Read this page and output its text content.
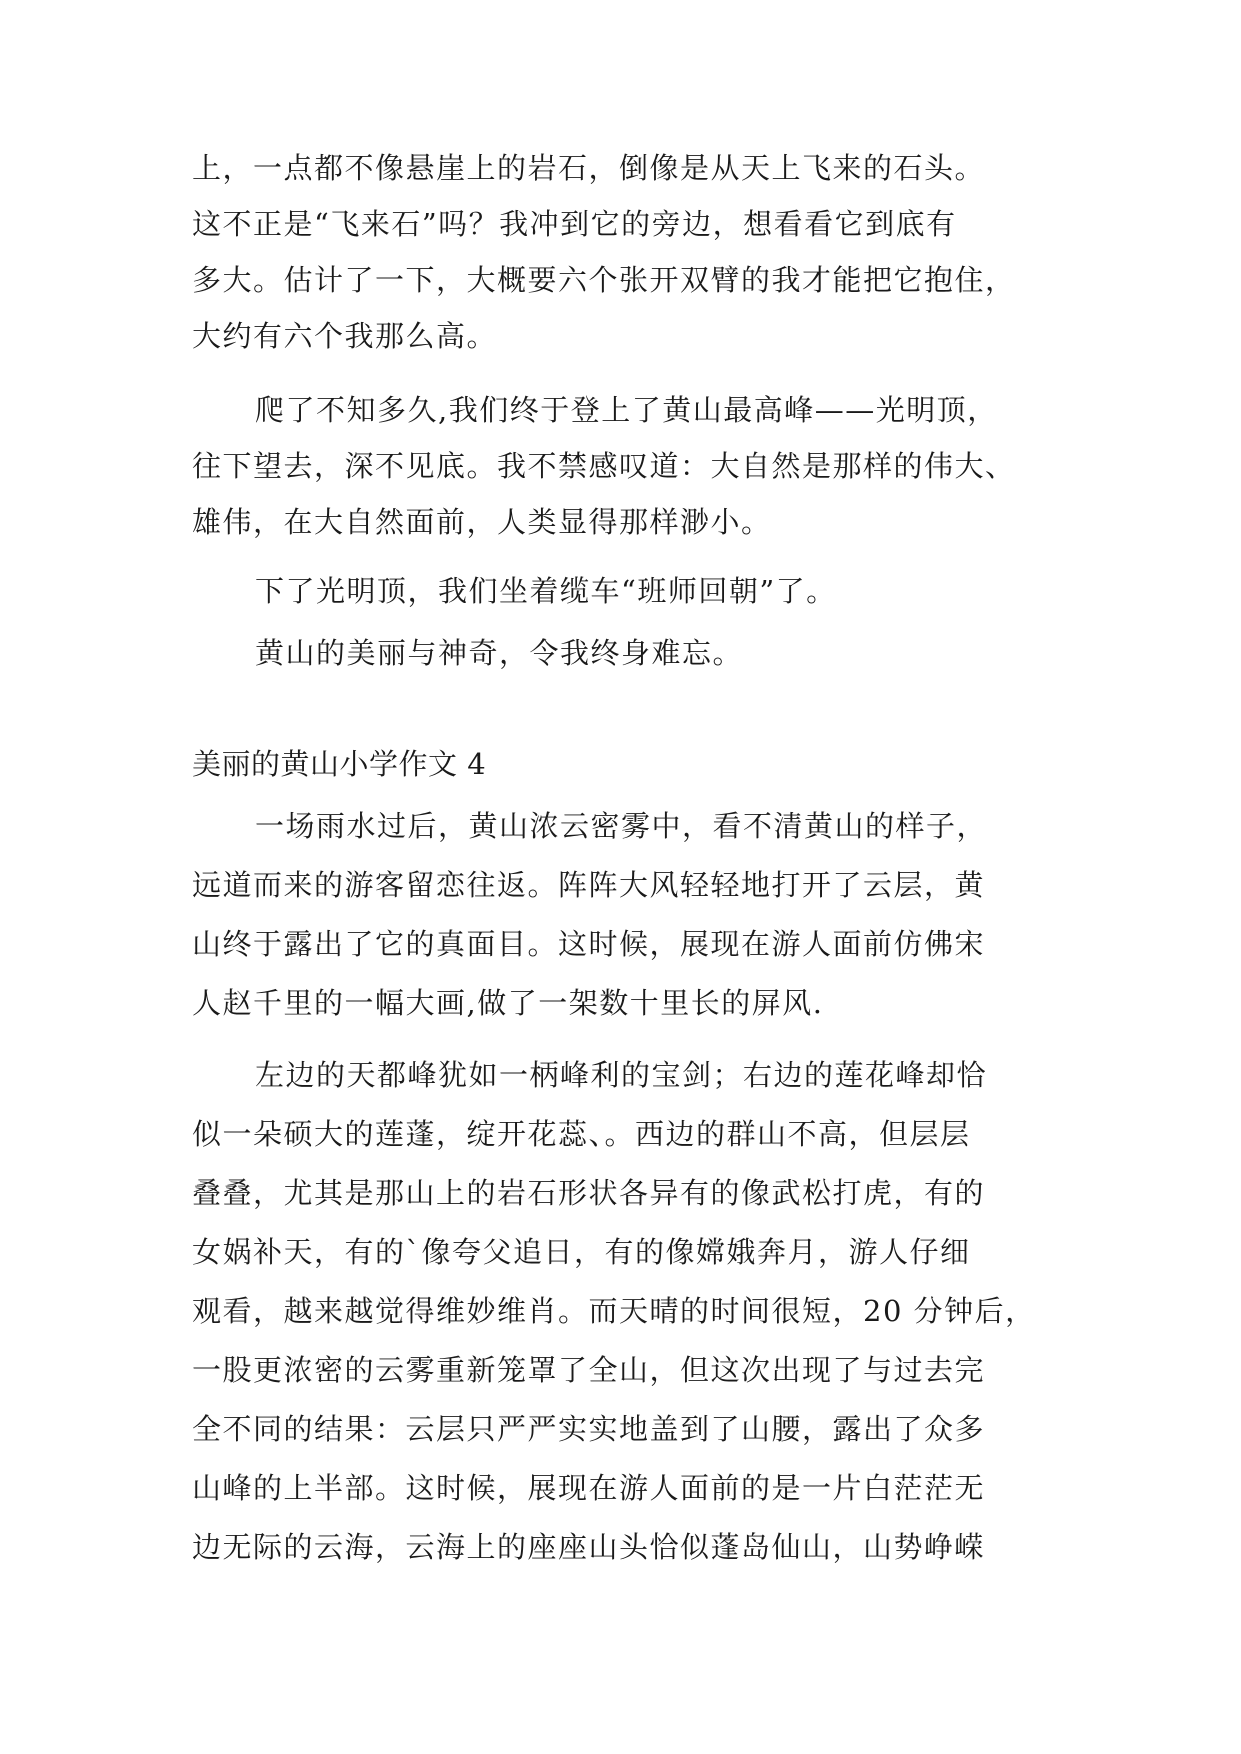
上，一点都不像悬崖上的岩石，倒像是从天上飞来的石头。
这不正是“飞来石”吗？我冲到它的旁边，想看看它到底有
多大。估计了一下，大概要六个张开双臂的我才能把它抱住，
大约有六个我那么高。
爬了不知多久,我们终于登上了黄山最高峰——光明顶，
往下望去，深不见底。我不禁感叹道：大自然是那样的伟大、
雄伟，在大自然面前，人类显得那样渺小。
下了光明顶，我们坐着缆车“班师回朝”了。
黄山的美丽与神奇，令我终身难忘。
美丽的黄山小学作文 4
一场雨水过后，黄山浓云密雾中，看不清黄山的样子，
远道而来的游客留恋往返。阵阵大风轻轻地打开了云层，黄
山终于露出了它的真面目。这时候，展现在游人面前仿佛宋
人赵千里的一幅大画,做了一架数十里长的屏风.
左边的天都峰犹如一柄峰利的宝剑；右边的莲花峰却恰
似一朵硕大的莲蓬，绽开花蕊、。西边的群山不高，但层层
叠叠，尤其是那山上的岩石形状各异有的像武松打虎，有的
女娲补天，有的`像夸父追日，有的像嫦娥奔月，游人仔细
观看，越来越觉得维妙维肖。而天晴的时间很短，20 分钟后，
一股更浓密的云雾重新笼罩了全山，但这次出现了与过去完
全不同的结果：云层只严严实实地盖到了山腰，露出了众多
山峰的上半部。这时候，展现在游人面前的是一片白茫茫无
边无际的云海，云海上的座座山头恰似蓬岛仙山，山势峥嵘
